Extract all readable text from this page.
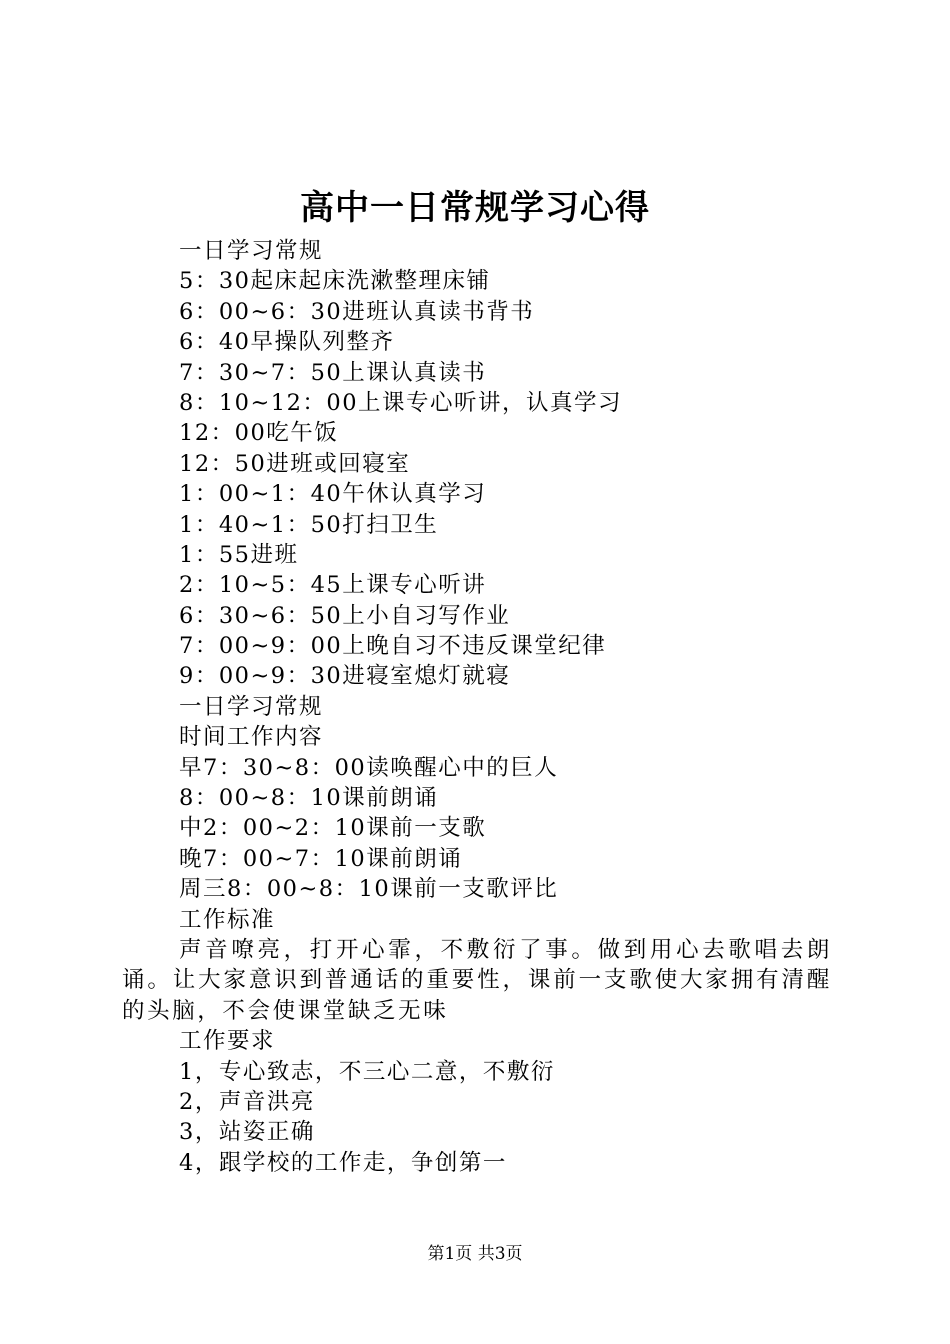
高中一日常规学习心得
一日学习常规
5：30起床起床洗漱整理床铺
6：00~6：30进班认真读书背书
6：40早操队列整齐
7：30~7：50上课认真读书
8：10~12：00上课专心听讲，认真学习
12：00吃午饭
12：50进班或回寝室
1：00~1：40午休认真学习
1：40~1：50打扫卫生
1：55进班
2：10~5：45上课专心听讲
6：30~6：50上小自习写作业
7：00~9：00上晚自习不违反课堂纪律
9：00~9：30进寝室熄灯就寝
一日学习常规
时间工作内容
早7：30~8：00读唤醒心中的巨人
8：00~8：10课前朗诵
中2：00~2：10课前一支歌
晚7：00~7：10课前朗诵
周三8：00~8：10课前一支歌评比
工作标准

声音嘹亮，打开心霏，不敷衍了事。做到用心去歌唱去朗诵。让大家意识到普通话的重要性，课前一支歌使大家拥有清醒的头脑，不会使课堂缺乏无味

工作要求
1，专心致志，不三心二意，不敷衍
2，声音洪亮
3，站姿正确
4，跟学校的工作走，争创第一
第1页 共3页
